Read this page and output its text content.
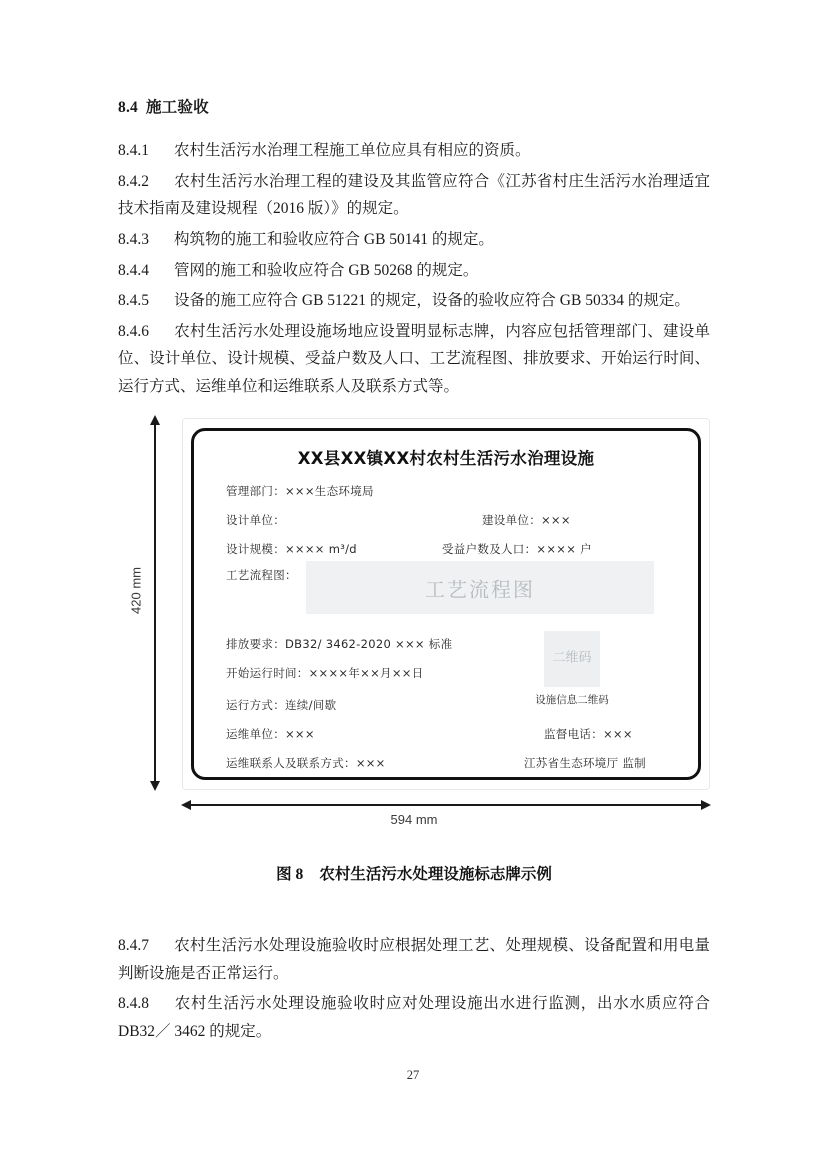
8.4 施工验收

8.4.1 农村生活污水治理工程施工单位应具有相应的资质。

8.4.2 农村生活污水治理工程的建设及其监管应符合《江苏省村庄生活污水治理适宜技术指南及建设规程（2016 版）》的规定。

8.4.3 构筑物的施工和验收应符合 GB 50141 的规定。

8.4.4 管网的施工和验收应符合 GB 50268 的规定。

8.4.5 设备的施工应符合 GB 51221 的规定，设备的验收应符合 GB 50334 的规定。

8.4.6 农村生活污水处理设施场地应设置明显标志牌，内容应包括管理部门、建设单位、设计单位、设计规模、受益户数及人口、工艺流程图、排放要求、开始运行时间、运行方式、运维单位和运维联系人及联系方式等。

420 mm
XX县XX镇XX村农村生活污水治理设施
管理部门：×××生态环境局
设计单位：	建设单位：×××
设计规模：×××× m³/d	受益户数及人口：×××× 户
工艺流程图：
工艺流程图
排放要求：DB32/ 3462-2020 ××× 标准
开始运行时间：××××年××月××日
二维码
设施信息二维码
运行方式：连续/间歇
运维单位：×××	监督电话：×××
运维联系人及联系方式：×××	江苏省生态环境厅 监制
594 mm
图 8 农村生活污水处理设施标志牌示例

8.4.7 农村生活污水处理设施验收时应根据处理工艺、处理规模、设备配置和用电量判断设施是否正常运行。

8.4.8 农村生活污水处理设施验收时应对处理设施出水进行监测，出水水质应符合 DB32／ 3462 的规定。

27
